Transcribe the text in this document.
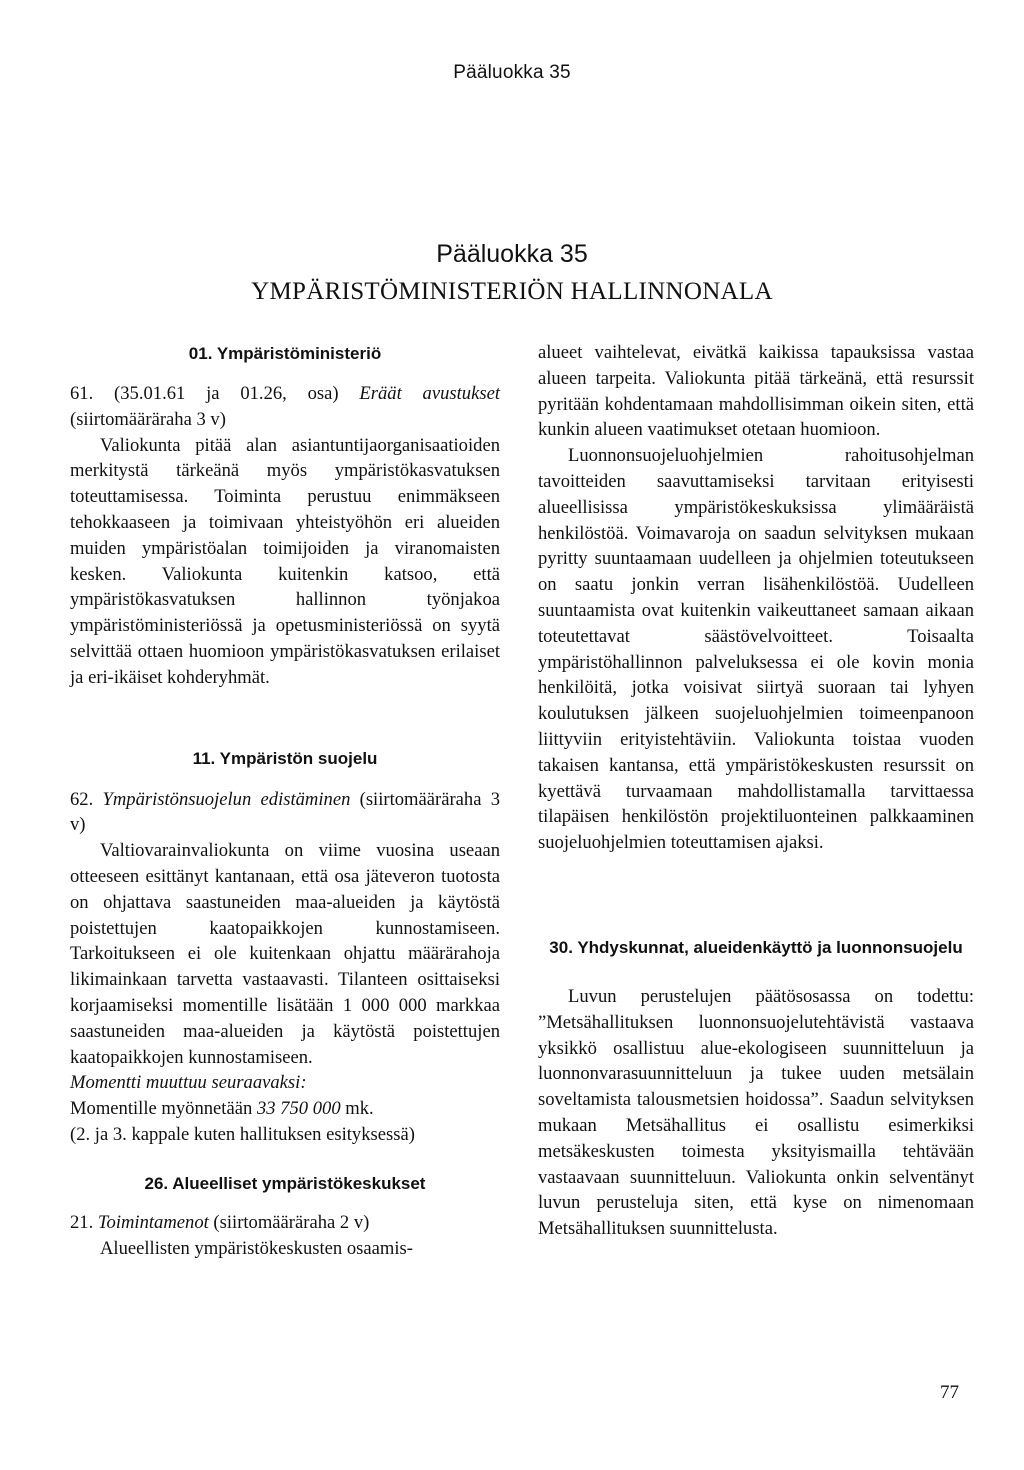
Pääluokka 35
Pääluokka 35
YMPÄRISTÖMINISTERIÖN HALLINNONALA
01. Ympäristöministeriö

61. (35.01.61 ja 01.26, osa) Eräät avustukset (siirtomääräraha 3 v)

Valiokunta pitää alan asiantuntijaorganisaatioiden merkitystä tärkeänä myös ympäristökasvatuksen toteuttamisessa. Toiminta perustuu enimmäkseen tehokkaaseen ja toimivaan yhteistyöhön eri alueiden muiden ympäristöalan toimijoiden ja viranomaisten kesken. Valiokunta kuitenkin katsoo, että ympäristökasvatuksen hallinnon työnjakoa ympäristöministeriössä ja opetusministeriössä on syytä selvittää ottaen huomioon ympäristökasvatuksen erilaiset ja eri-ikäiset kohderyhmät.

11. Ympäristön suojelu

62. Ympäristönsuojelun edistäminen (siirtomääräraha 3 v)

Valtiovarainvaliokunta on viime vuosina useaan otteeseen esittänyt kantanaan, että osa jäteveron tuotosta on ohjattava saastuneiden maa-alueiden ja käytöstä poistettujen kaatopaikkojen kunnostamiseen. Tarkoitukseen ei ole kuitenkaan ohjattu määrärahoja likimainkaan tarvetta vastaavasti. Tilanteen osittaiseksi korjaamiseksi momentille lisätään 1 000 000 markkaa saastuneiden maa-alueiden ja käytöstä poistettujen kaatopaikkojen kunnostamiseen.

Momentti muuttuu seuraavaksi:

Momentille myönnetään 33 750 000 mk.

(2. ja 3. kappale kuten hallituksen esityksessä)

26. Alueelliset ympäristökeskukset

21. Toimintamenot (siirtomääräraha 2 v)

Alueellisten ympäristökeskusten osaamis-

alueet vaihtelevat, eivätkä kaikissa tapauksissa vastaa alueen tarpeita. Valiokunta pitää tärkeänä, että resurssit pyritään kohdentamaan mahdollisimman oikein siten, että kunkin alueen vaatimukset otetaan huomioon.

Luonnonsuojeluohjelmien rahoitusohjelman tavoitteiden saavuttamiseksi tarvitaan erityisesti alueellisissa ympäristökeskuksissa ylimääräistä henkilöstöä. Voimavaroja on saadun selvityksen mukaan pyritty suuntaamaan uudelleen ja ohjelmien toteutukseen on saatu jonkin verran lisähenkilöstöä. Uudelleen suuntaamista ovat kuitenkin vaikeuttaneet samaan aikaan toteutettavat säästövelvoitteet. Toisaalta ympäristöhallinnon palveluksessa ei ole kovin monia henkilöitä, jotka voisivat siirtyä suoraan tai lyhyen koulutuksen jälkeen suojeluohjelmien toimeenpanoon liittyviin erityistehtäviin. Valiokunta toistaa vuoden takaisen kantansa, että ympäristökeskusten resurssit on kyettävä turvaamaan mahdollistamalla tarvittaessa tilapäisen henkilöstön projektiluonteinen palkkaaminen suojeluohjelmien toteuttamisen ajaksi.

30. Yhdyskunnat, alueidenkäyttö ja luonnonsuojelu

Luvun perustelujen päätösosassa on todettu: ”Metsähallituksen luonnonsuojelutehtävistä vastaava yksikkö osallistuu alue-ekologiseen suunnitteluun ja luonnonvarasuunnitteluun ja tukee uuden metsälain soveltamista talousmetsien hoidossa”. Saadun selvityksen mukaan Metsähallitus ei osallistu esimerkiksi metsäkeskusten toimesta yksityismailla tehtävään vastaavaan suunnitteluun. Valiokunta onkin selventänyt luvun perusteluja siten, että kyse on nimenomaan Metsähallituksen suunnittelusta.

77
